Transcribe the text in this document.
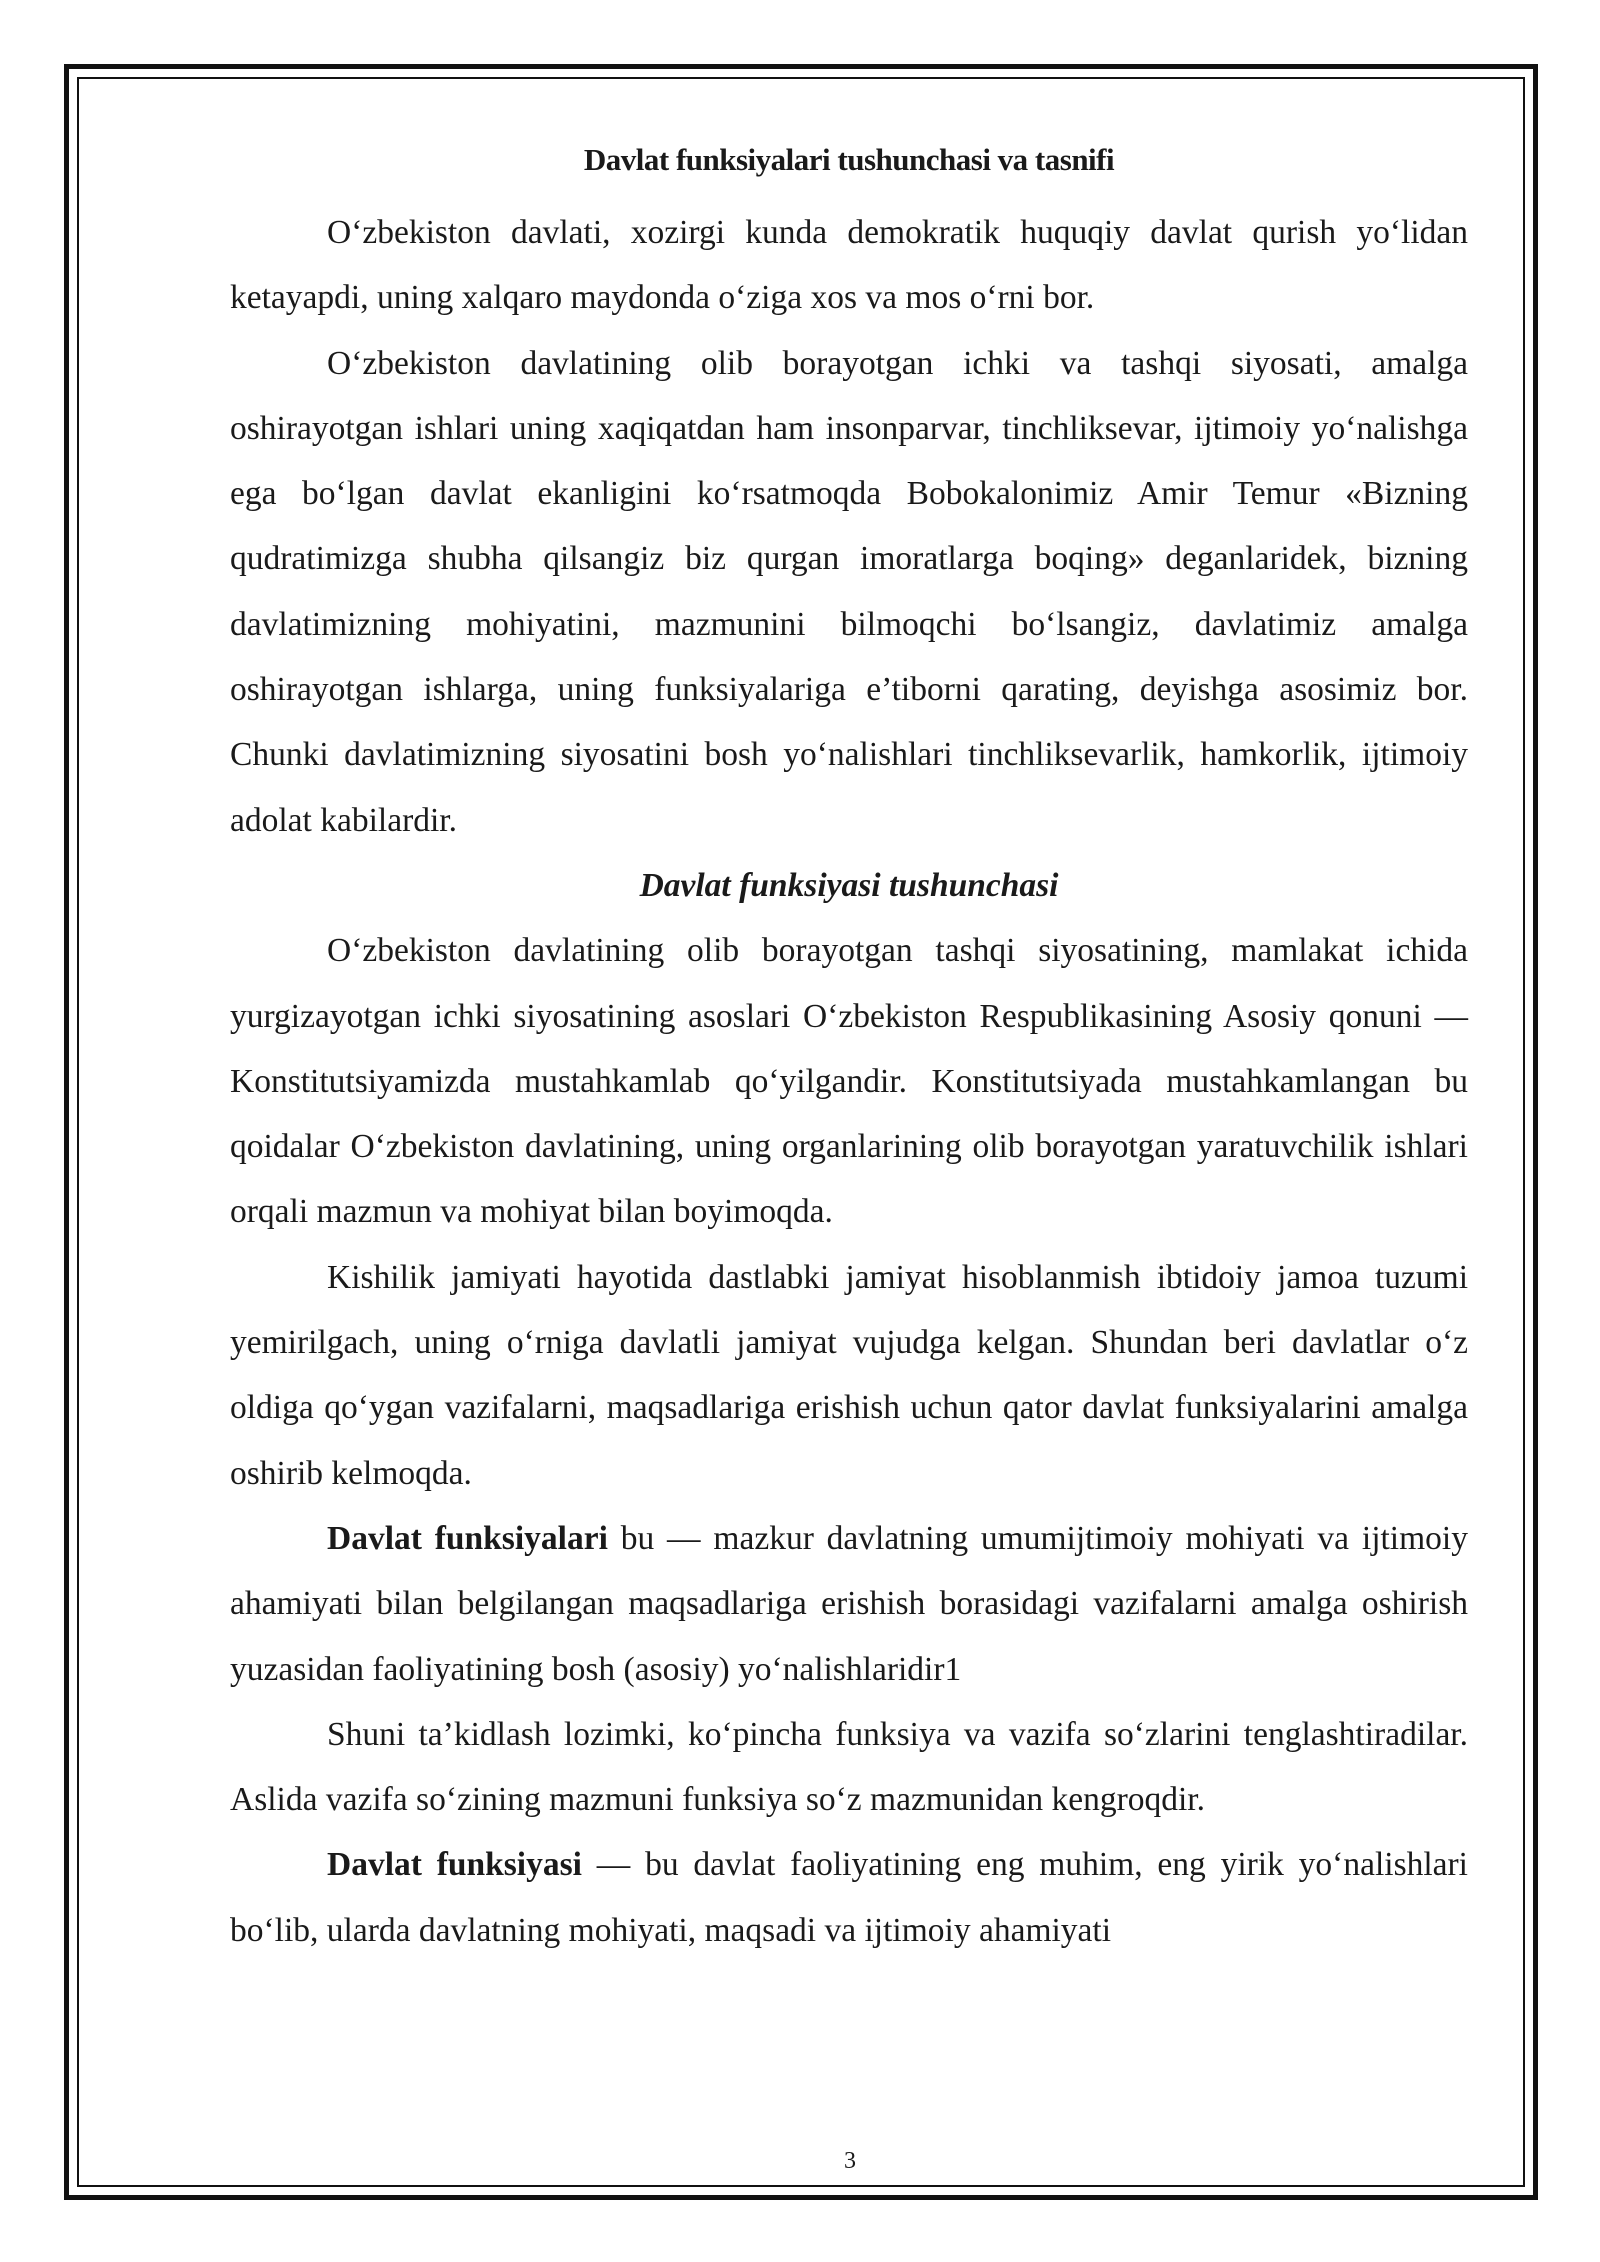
Davlat funksiyalari tushunchasi va tasnifi

O‘zbekiston davlati, xozirgi kunda demokratik huquqiy davlat qurish yo‘lidan ketayapdi, uning xalqaro maydonda o‘ziga xos va mos o‘rni bor.

O‘zbekiston davlatining olib borayotgan ichki va tashqi siyosati, amalga oshirayotgan ishlari uning xaqiqatdan ham insonparvar, tinchliksevar, ijtimoiy yo‘nalishga ega bo‘lgan davlat ekanligini ko‘rsatmoqda Bobokalonimiz Amir Temur «Bizning qudratimizga shubha qilsangiz biz qurgan imoratlarga boqing» deganlaridek, bizning davlatimizning mohiyatini, mazmunini bilmoqchi bo‘lsangiz, davlatimiz amalga oshirayotgan ishlarga, uning funksiyalariga e’tiborni qarating, deyishga asosimiz bor. Chunki davlatimizning siyosatini bosh yo‘nalishlari tinchliksevarlik, hamkorlik, ijtimoiy adolat kabilardir.

Davlat funksiyasi tushunchasi

O‘zbekiston davlatining olib borayotgan tashqi siyosatining, mamlakat ichida yurgizayotgan ichki siyosatining asoslari O‘zbekiston Respublikasining Asosiy qonuni — Konstitutsiyamizda mustahkamlab qo‘yilgandir. Konstitutsiyada mustahkamlangan bu qoidalar O‘zbekiston davlatining, uning organlarining olib borayotgan yaratuvchilik ishlari orqali mazmun va mohiyat bilan boyimoqda.

Kishilik jamiyati hayotida dastlabki jamiyat hisoblanmish ibtidoiy jamoa tuzumi yemirilgach, uning o‘rniga davlatli jamiyat vujudga kelgan. Shundan beri davlatlar o‘z oldiga qo‘ygan vazifalarni, maqsadlariga erishish uchun qator davlat funksiyalarini amalga oshirib kelmoqda.

Davlat funksiyalari bu — mazkur davlatning umumijtimoiy mohiyati va ijtimoiy ahamiyati bilan belgilangan maqsadlariga erishish borasidagi vazifalarni amalga oshirish yuzasidan faoliyatining bosh (asosiy) yo‘nalishlaridir1

Shuni ta’kidlash lozimki, ko‘pincha funksiya va vazifa so‘zlarini tenglashtiradilar. Aslida vazifa so‘zining mazmuni funksiya so‘z mazmunidan kengroqdir.

Davlat funksiyasi — bu davlat faoliyatining eng muhim, eng yirik yo‘nalishlari bo‘lib, ularda davlatning mohiyati, maqsadi va ijtimoiy ahamiyati

3
